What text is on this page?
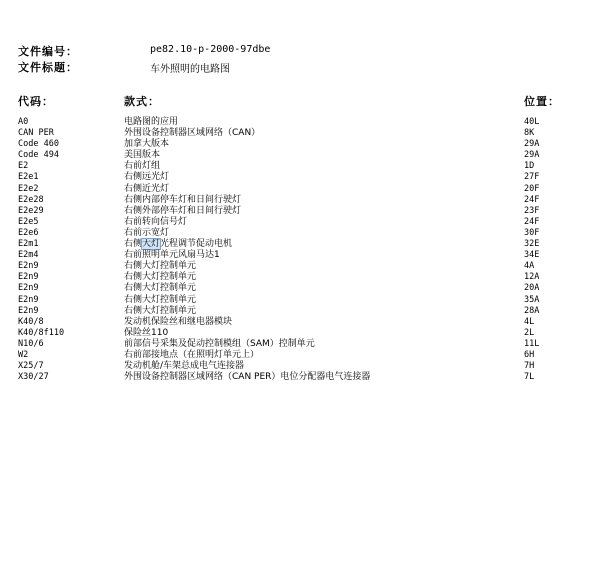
文件编号：	pe82.10-p-2000-97dbe
文件标题：	车外照明的电路图
代码：	款式：	位置：
A0	电路图的应用	40L
CAN PER	外围设备控制器区域网络（CAN）	8K
Code 460	加拿大版本	29A
Code 494	美国版本	29A
E2	右前灯组	1D
E2e1	右侧远光灯	27F
E2e2	右侧近光灯	20F
E2e28	右侧内部停车灯和日间行驶灯	24F
E2e29	右侧外部停车灯和日间行驶灯	23F
E2e5	右前转向信号灯	24F
E2e6	右前示宽灯	30F
E2m1	右侧大灯光程调节促动电机	32E
E2m4	右前照明单元风扇马达1	34E
E2n9	右侧大灯控制单元	4A
E2n9	右侧大灯控制单元	12A
E2n9	右侧大灯控制单元	20A
E2n9	右侧大灯控制单元	35A
E2n9	右侧大灯控制单元	28A
K40/8	发动机保险丝和继电器模块	4L
K40/8f110	保险丝110	2L
N10/6	前部信号采集及促动控制模组（SAM）控制单元	11L
W2	右前部接地点（在照明灯单元上）	6H
X25/7	发动机舱/车架总成电气连接器	7H
X30/27	外围设备控制器区域网络（CAN PER）电位分配器电气连接器	7L
